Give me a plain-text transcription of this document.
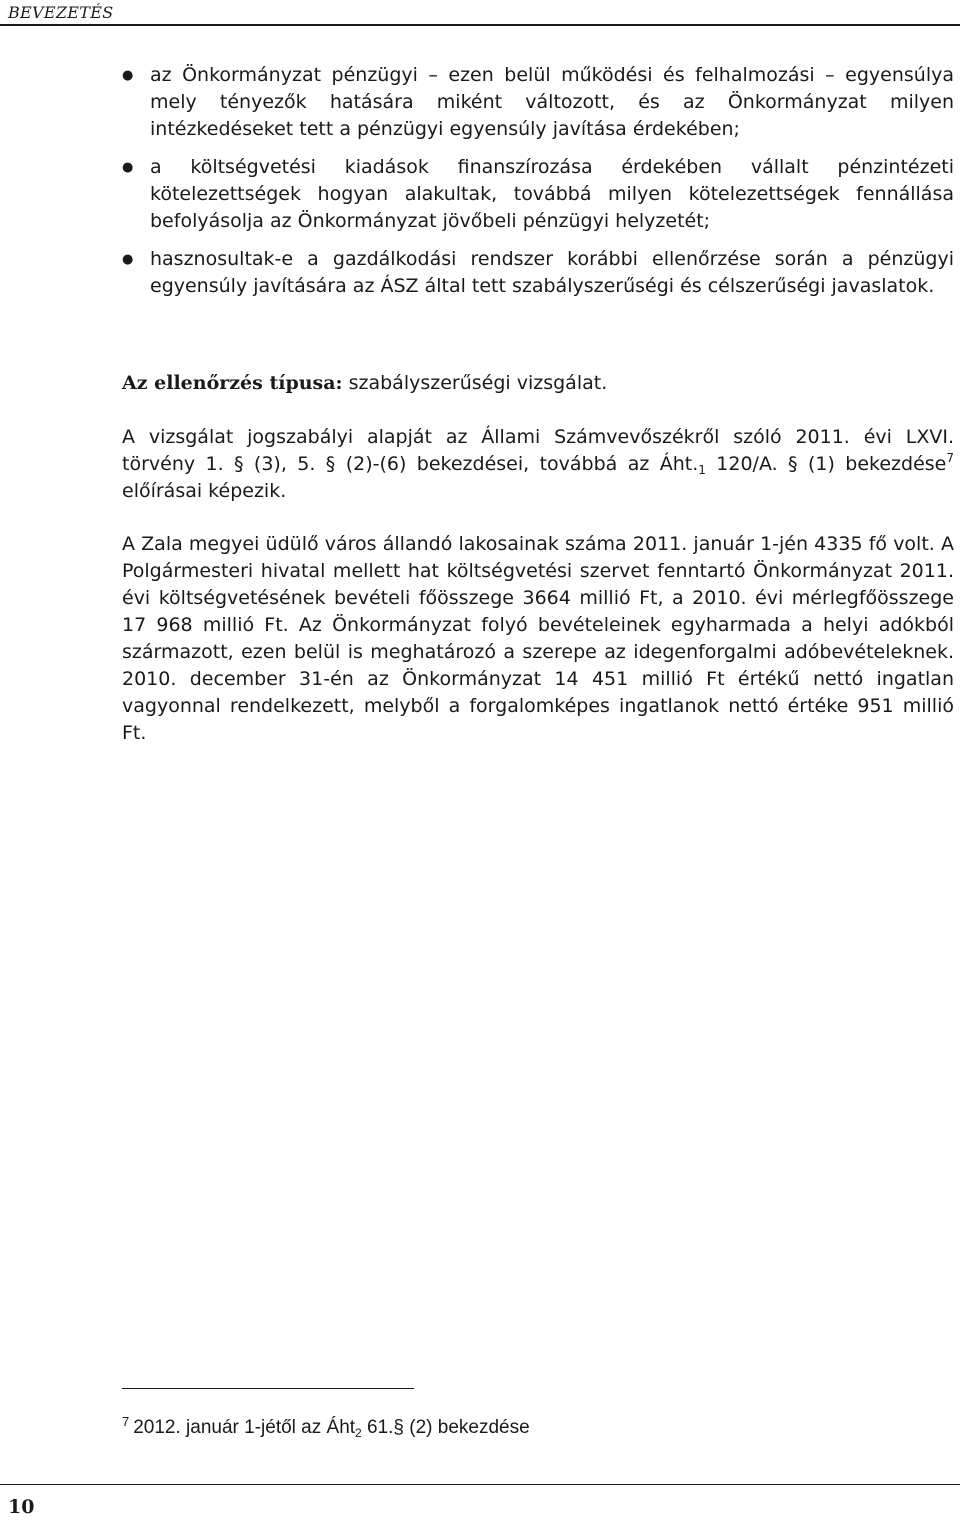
BEVEZETÉS
● az Önkormányzat pénzügyi – ezen belül működési és felhalmozási – egyensúlya mely tényezők hatására miként változott, és az Önkormányzat milyen intézkedéseket tett a pénzügyi egyensúly javítása érdekében;
● a költségvetési kiadások finanszírozása érdekében vállalt pénzintézeti kötelezettségek hogyan alakultak, továbbá milyen kötelezettségek fennállása befolyásolja az Önkormányzat jövőbeli pénzügyi helyzetét;
● hasznosultak-e a gazdálkodási rendszer korábbi ellenőrzése során a pénzügyi egyensúly javítására az ÁSZ által tett szabályszerűségi és célszerűségi javaslatok.

Az ellenőrzés típusa: szabályszerűségi vizsgálat.

A vizsgálat jogszabályi alapját az Állami Számvevőszékről szóló 2011. évi LXVI. törvény 1. § (3), 5. § (2)-(6) bekezdései, továbbá az $Áht._1$ 120/A. § (1) bekezdése$^7$ előírásai képezik.

A Zala megyei üdülő város állandó lakosainak száma 2011. január 1-jén 4335 fő volt. A Polgármesteri hivatal mellett hat költségvetési szervet fenntartó Önkormányzat 2011. évi költségvetésének bevételi főösszege 3664 millió Ft, a 2010. évi mérlegfőösszege 17 968 millió Ft. Az Önkormányzat folyó bevételeinek egyharmada a helyi adókból származott, ezen belül is meghatározó a szerepe az idegenforgalmi adóbevételeknek. 2010. december 31-én az Önkormányzat 14 451 millió Ft értékű nettó ingatlan vagyonnal rendelkezett, melyből a forgalomképes ingatlanok nettó értéke 951 millió Ft.

$^7$ 2012. január 1-jétől az Áht$_2$ 61.§ (2) bekezdése

10
